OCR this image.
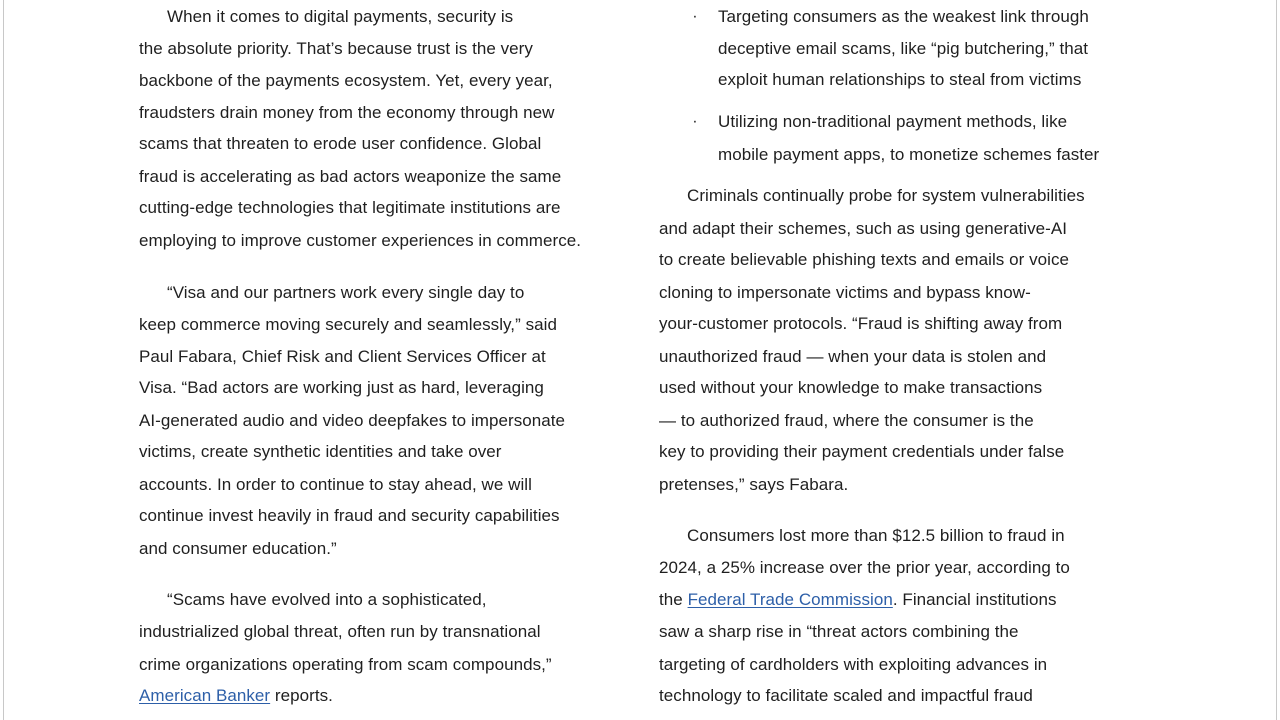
When it comes to digital payments, security is
the absolute priority. That’s because trust is the very
backbone of the payments ecosystem. Yet, every year,
fraudsters drain money from the economy through new
scams that threaten to erode user confidence. Global
fraud is accelerating as bad actors weaponize the same
cutting-edge technologies that legitimate institutions are
employing to improve customer experiences in commerce.
“Visa and our partners work every single day to
keep commerce moving securely and seamlessly,” said
Paul Fabara, Chief Risk and Client Services Officer at
Visa. “Bad actors are working just as hard, leveraging
AI-generated audio and video deepfakes to impersonate
victims, create synthetic identities and take over
accounts. In order to continue to stay ahead, we will
continue invest heavily in fraud and security capabilities
and consumer education.”
“Scams have evolved into a sophisticated,
industrialized global threat, often run by transnational
crime organizations operating from scam compounds,”
American Banker reports.
· Targeting consumers as the weakest link through
deceptive email scams, like “pig butchering,” that
exploit human relationships to steal from victims
· Utilizing non-traditional payment methods, like
mobile payment apps, to monetize schemes faster
Criminals continually probe for system vulnerabilities
and adapt their schemes, such as using generative-AI
to create believable phishing texts and emails or voice
cloning to impersonate victims and bypass know-
your-customer protocols. “Fraud is shifting away from
unauthorized fraud — when your data is stolen and
used without your knowledge to make transactions
— to authorized fraud, where the consumer is the
key to providing their payment credentials under false
pretenses,” says Fabara.
Consumers lost more than $12.5 billion to fraud in
2024, a 25% increase over the prior year, according to
the Federal Trade Commission. Financial institutions
saw a sharp rise in “threat actors combining the
targeting of cardholders with exploiting advances in
technology to facilitate scaled and impactful fraud
